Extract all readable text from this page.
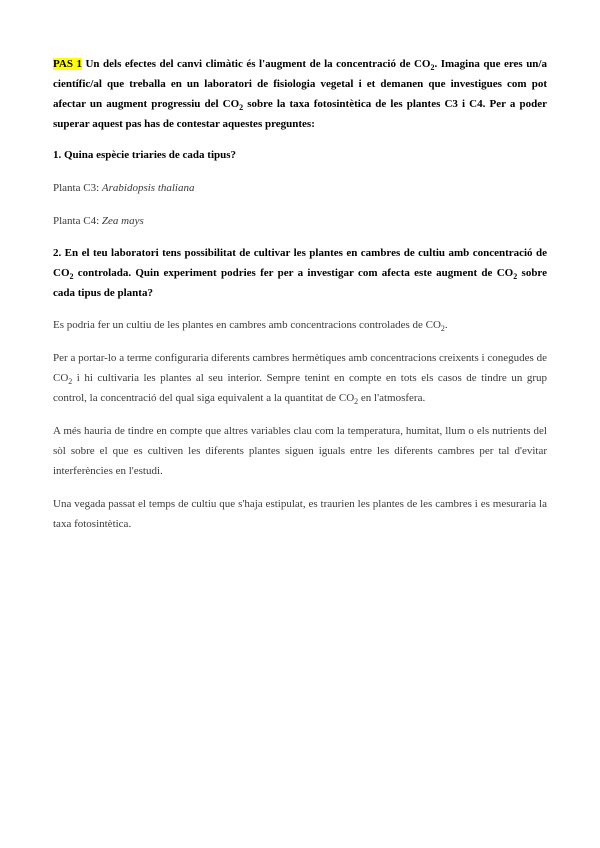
PAS 1 Un dels efectes del canvi climàtic és l'augment de la concentració de $CO_2$. Imagina que eres un/a científic/al que treballa en un laboratori de fisiologia vegetal i et demanen que investigues com pot afectar un augment progressiu del $CO_2$ sobre la taxa fotosintètica de les plantes C3 i C4. Per a poder superar aquest pas has de contestar aquestes preguntes:

1. Quina espècie triaries de cada tipus?

Planta C3: Arabidopsis thaliana

Planta C4: Zea mays

2. En el teu laboratori tens possibilitat de cultivar les plantes en cambres de cultiu amb concentració de $CO_2$ controlada. Quin experiment podries fer per a investigar com afecta este augment de $CO_2$ sobre cada tipus de planta?

Es podria fer un cultiu de les plantes en cambres amb concentracions controlades de $CO_2$.

Per a portar-lo a terme configuraria diferents cambres hermètiques amb concentracions creixents i conegudes de $CO_2$ i hi cultivaria les plantes al seu interior. Sempre tenint en compte en tots els casos de tindre un grup control, la concentració del qual siga equivalent a la quantitat de $CO_2$ en l'atmosfera.

A més hauria de tindre en compte que altres variables clau com la temperatura, humitat, llum o els nutrients del sòl sobre el que es cultiven les diferents plantes siguen iguals entre les diferents cambres per tal d'evitar interferències en l'estudi.

Una vegada passat el temps de cultiu que s'haja estipulat, es traurien les plantes de les cambres i es mesuraria la taxa fotosintètica.
